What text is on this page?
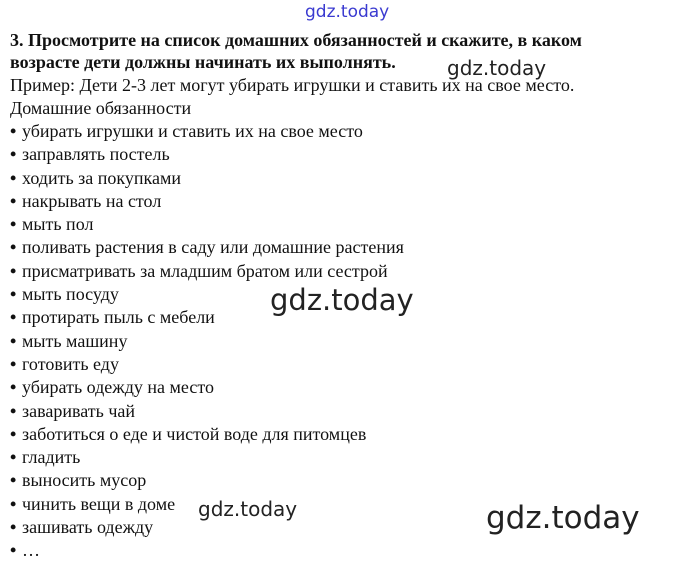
gdz.today
3. Просмотрите на список домашних обязанностей и скажите, в каком
возрасте дети должны начинать их выполнять.
Пример: Дети 2-3 лет могут убирать игрушки и ставить их на свое место.
Домашние обязанности
• убирать игрушки и ставить их на свое место
• заправлять постель
• ходить за покупками
• накрывать на стол
• мыть пол
• поливать растения в саду или домашние растения
• присматривать за младшим братом или сестрой
• мыть посуду
• протирать пыль с мебели
• мыть машину
• готовить еду
• убирать одежду на место
• заваривать чай
• заботиться о еде и чистой воде для питомцев
• гладить
• выносить мусор
• чинить вещи в доме
• зашивать одежду
• …
gdz.today
gdz.today
gdz.today	gdz.today
